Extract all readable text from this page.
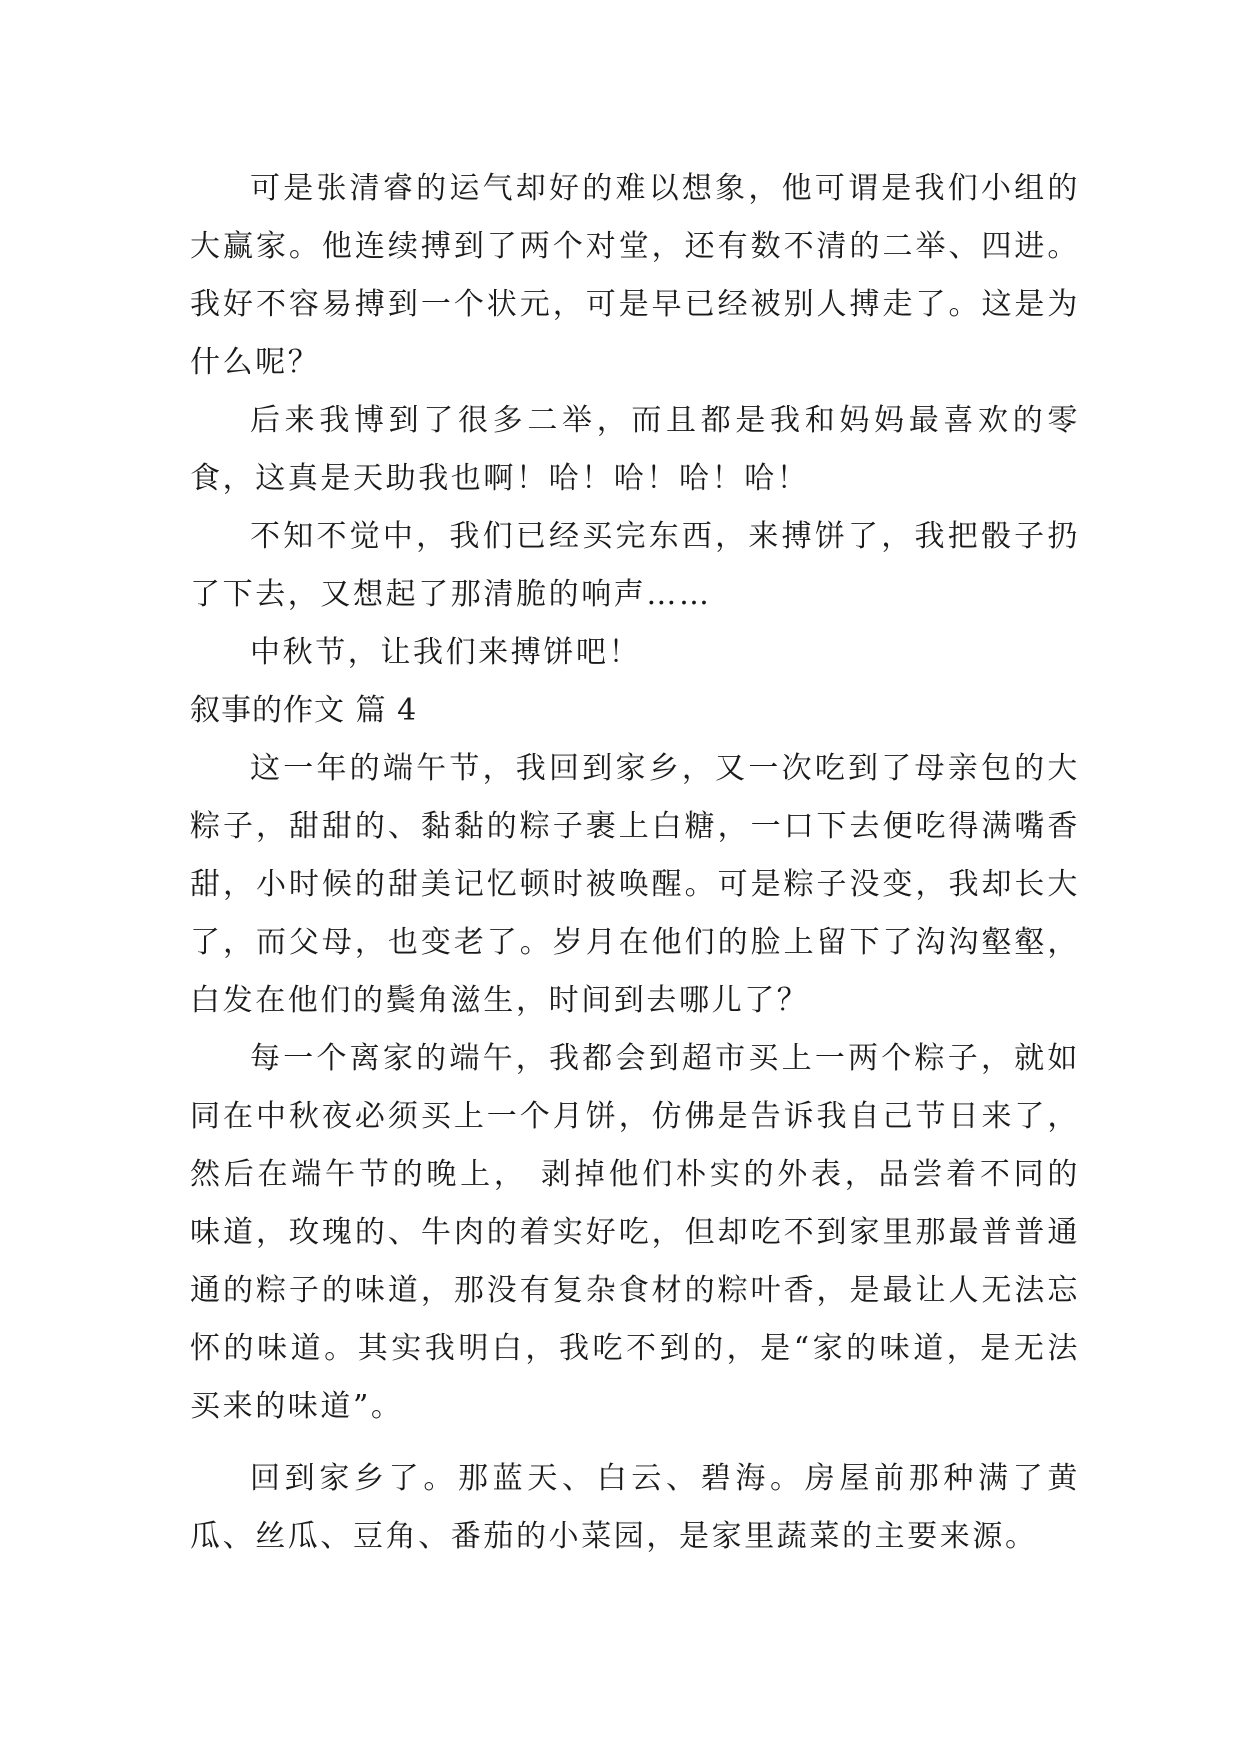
可是张清睿的运气却好的难以想象，他可谓是我们小组的大赢家。他连续搏到了两个对堂，还有数不清的二举、四进。我好不容易搏到一个状元，可是早已经被别人搏走了。这是为什么呢？

后来我博到了很多二举，而且都是我和妈妈最喜欢的零食，这真是天助我也啊！哈！哈！哈！哈！

不知不觉中，我们已经买完东西，来搏饼了，我把骰子扔了下去，又想起了那清脆的响声……

中秋节，让我们来搏饼吧！

叙事的作文 篇 4

这一年的端午节，我回到家乡，又一次吃到了母亲包的大粽子，甜甜的、黏黏的粽子裹上白糖，一口下去便吃得满嘴香甜，小时候的甜美记忆顿时被唤醒。可是粽子没变，我却长大了，而父母，也变老了。岁月在他们的脸上留下了沟沟壑壑，白发在他们的鬓角滋生，时间到去哪儿了？

每一个离家的端午，我都会到超市买上一两个粽子，就如同在中秋夜必须买上一个月饼，仿佛是告诉我自己节日来了，然后在端午节的晚上， 剥掉他们朴实的外表，品尝着不同的味道，玫瑰的、牛肉的着实好吃，但却吃不到家里那最普普通通的粽子的味道，那没有复杂食材的粽叶香，是最让人无法忘怀的味道。其实我明白，我吃不到的，是“家的味道，是无法买来的味道”。

回到家乡了。那蓝天、白云、碧海。房屋前那种满了黄瓜、丝瓜、豆角、番茄的小菜园，是家里蔬菜的主要来源。
